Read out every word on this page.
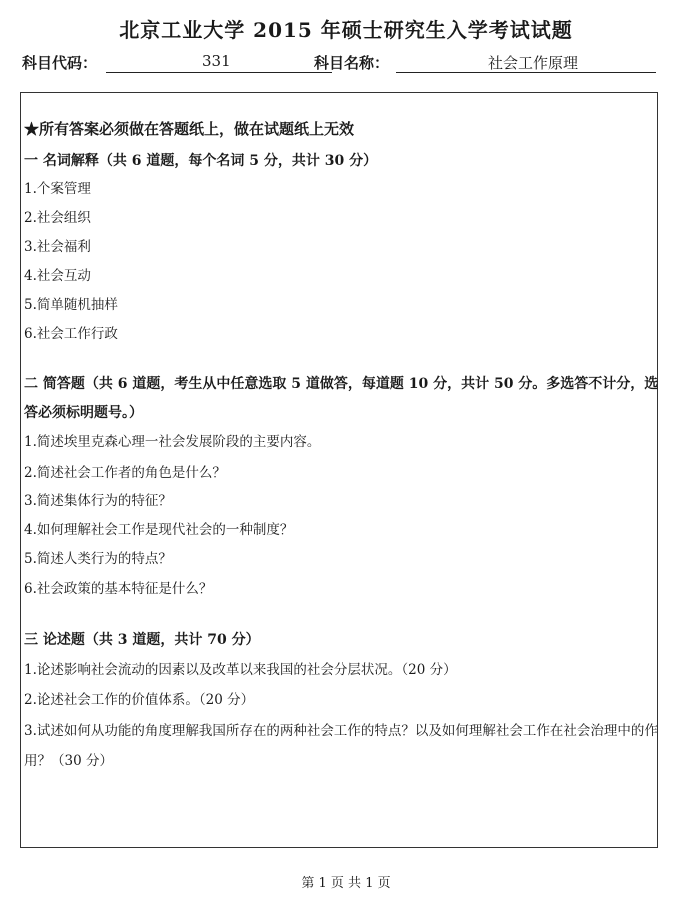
北京工业大学 2015 年硕士研究生入学考试试题
科目代码：	331	科目名称：	社会工作原理
★所有答案必须做在答题纸上，做在试题纸上无效
一 名词解释（共 6 道题，每个名词 5 分，共计 30 分）
1.个案管理
2.社会组织
3.社会福利
4.社会互动
5.简单随机抽样
6.社会工作行政
二 简答题（共 6 道题，考生从中任意选取 5 道做答，每道题 10 分，共计 50 分。多选答不计分，选答必须标明题号。）
1.简述埃里克森心理一社会发展阶段的主要内容。
2.简述社会工作者的角色是什么？
3.简述集体行为的特征？
4.如何理解社会工作是现代社会的一种制度？
5.简述人类行为的特点？
6.社会政策的基本特征是什么？
三 论述题（共 3 道题，共计 70 分）
1.论述影响社会流动的因素以及改革以来我国的社会分层状况。（20 分）
2.论述社会工作的价值体系。（20 分）
3.试述如何从功能的角度理解我国所存在的两种社会工作的特点？以及如何理解社会工作在社会治理中的作用？（30 分）
第 1 页 共 1 页
